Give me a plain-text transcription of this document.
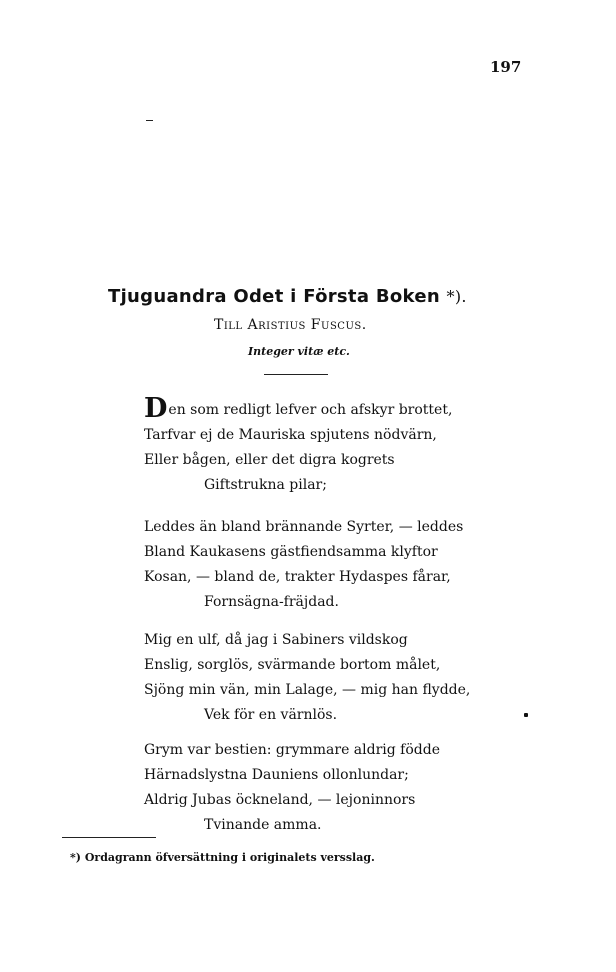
197
Tjuguandra Odet i Första Boken *).
Till Aristius Fuscus.
Integer vitæ etc.
Den som redligt lefver och afskyr brottet,
Tarfvar ej de Mauriska spjutens nödvärn,
Eller bågen, eller det digra kogrets
Giftstrukna pilar;
Leddes än bland brännande Syrter, — leddes
Bland Kaukasens gästfiendsamma klyftor
Kosan, — bland de, trakter Hydaspes fårar,
Fornsägna-fräjdad.
Mig en ulf, då jag i Sabiners vildskog
Enslig, sorglös, svärmande bortom målet,
Sjöng min vän, min Lalage, — mig han flydde,
Vek för en värnlös.
Grym var bestien: grymmare aldrig födde
Härnadslystna Dauniens ollonlundar;
Aldrig Jubas öckneland, — lejoninnors
Tvinande amma.
*) Ordagrann öfversättning i originalets versslag.
